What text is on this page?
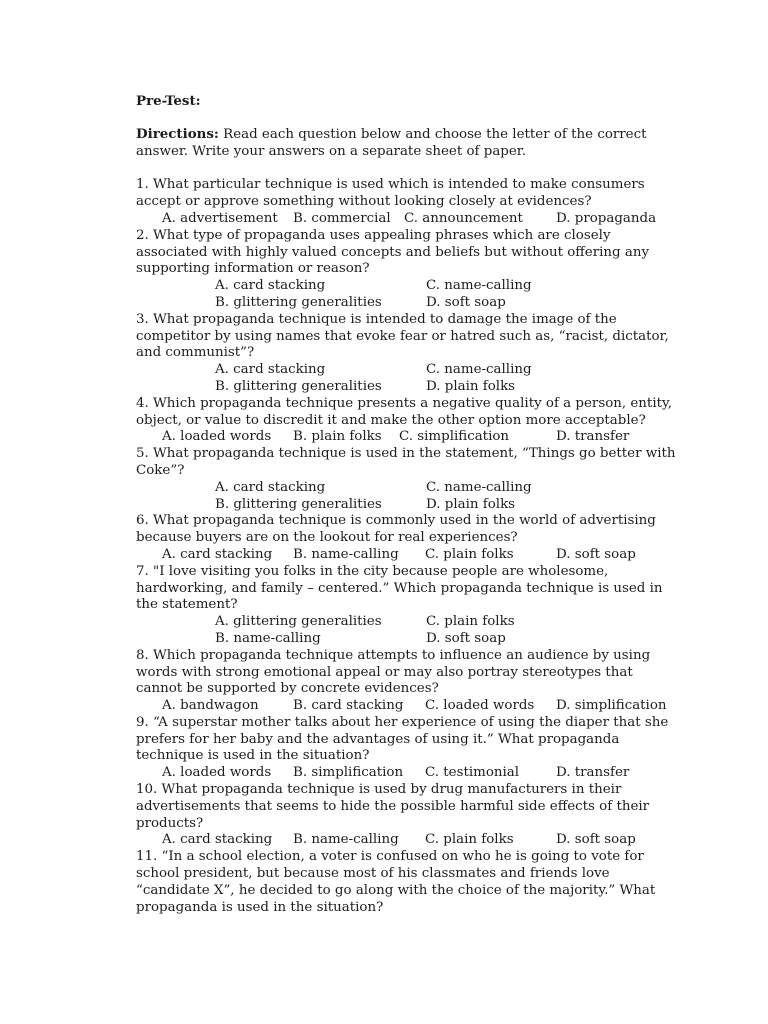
Pre-Test:

Directions: Read each question below and choose the letter of the correct answer. Write your answers on a separate sheet of paper.

1. What particular technique is used which is intended to make consumers accept or approve something without looking closely at evidences?

A. advertisement B. commercial C. announcement D. propaganda

2. What type of propaganda uses appealing phrases which are closely associated with highly valued concepts and beliefs but without offering any supporting information or reason?

A. card stacking	C. name-calling
B. glittering generalities	D. soft soap

3. What propaganda technique is intended to damage the image of the competitor by using names that evoke fear or hatred such as, “racist, dictator, and communist”?

A. card stacking	C. name-calling
B. glittering generalities	D. plain folks

4. Which propaganda technique presents a negative quality of a person, entity, object, or value to discredit it and make the other option more acceptable?

A. loaded words B. plain folks C. simplification	D. transfer

5. What propaganda technique is used in the statement, “Things go better with Coke”?

A. card stacking	C. name-calling
B. glittering generalities	D. plain folks

6. What propaganda technique is commonly used in the world of advertising because buyers are on the lookout for real experiences?

A. card stacking B. name-calling C. plain folks	D. soft soap

7. "I love visiting you folks in the city because people are wholesome, hardworking, and family – centered.” Which propaganda technique is used in the statement?

A. glittering generalities	C. plain folks
B. name-calling	D. soft soap

8. Which propaganda technique attempts to influence an audience by using words with strong emotional appeal or may also portray stereotypes that cannot be supported by concrete evidences?

A. bandwagon	B. card stacking C. loaded words D. simplification

9. “A superstar mother talks about her experience of using the diaper that she prefers for her baby and the advantages of using it.” What propaganda technique is used in the situation?

A. loaded words B. simplification C. testimonial	D. transfer

10. What propaganda technique is used by drug manufacturers in their advertisements that seems to hide the possible harmful side effects of their products?

A. card stacking B. name-calling C. plain folks	D. soft soap

11. “In a school election, a voter is confused on who he is going to vote for school president, but because most of his classmates and friends love “candidate X”, he decided to go along with the choice of the majority.” What propaganda is used in the situation?
